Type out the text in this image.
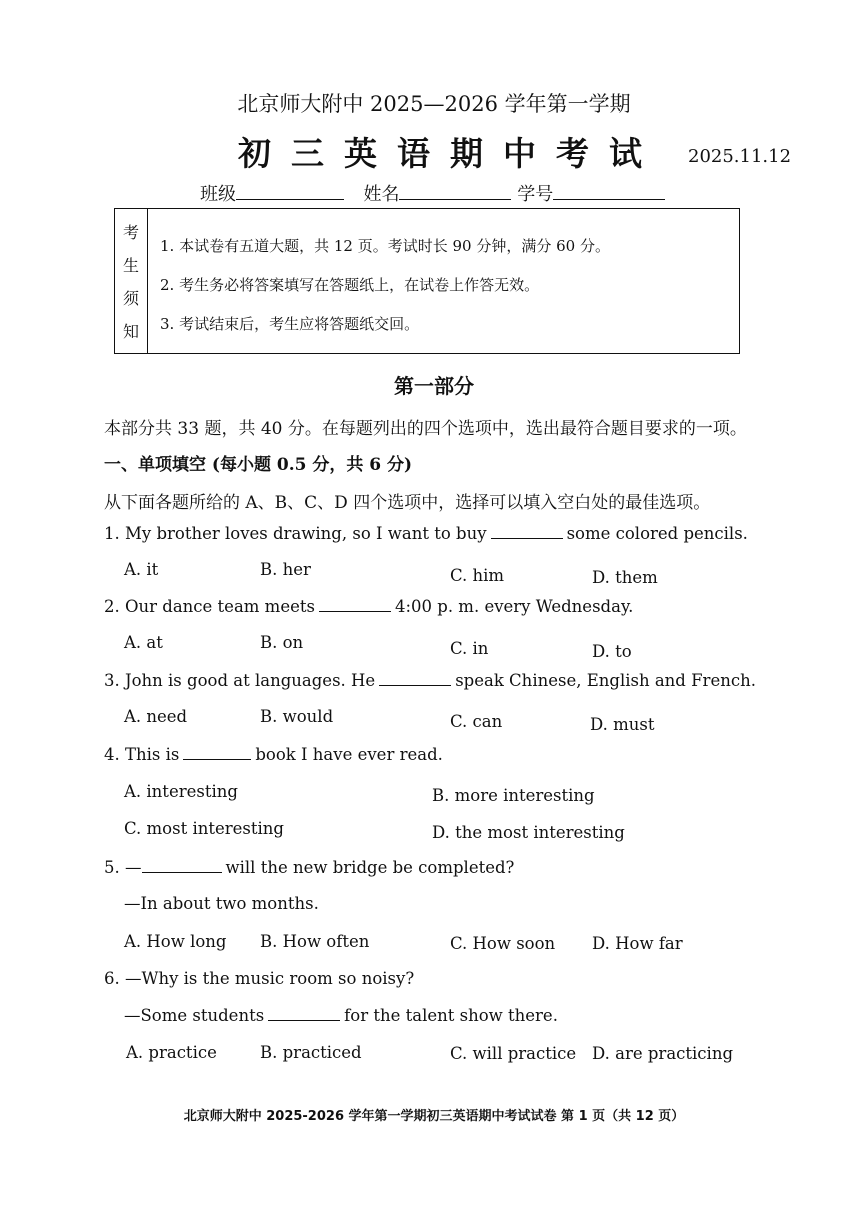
北京师大附中 2025—2026 学年第一学期
初三英语期中考试 2025.11.12
班级	姓名	学号
考
生
须
知
1. 本试卷有五道大题，共 12 页。考试时长 90 分钟，满分 60 分。
2. 考生务必将答案填写在答题纸上，在试卷上作答无效。
3. 考试结束后，考生应将答题纸交回。
第一部分
本部分共 33 题，共 40 分。在每题列出的四个选项中，选出最符合题目要求的一项。
一、单项填空 (每小题 0.5 分，共 6 分)
从下面各题所给的 A、B、C、D 四个选项中，选择可以填入空白处的最佳选项。
1. My brother loves drawing, so I want to buy	some colored pencils.
A. it	B. her	C. him	D. them
2. Our dance team meets	4:00 p. m. every Wednesday.
A. at	B. on	C. in	D. to
3. John is good at languages. He	speak Chinese, English and French.
A. need	B. would	C. can	D. must
4. This is	book I have ever read.
A. interesting	B. more interesting
C. most interesting	D. the most interesting
5. —	will the new bridge be completed?
—In about two months.
A. How long B. How often	C. How soon D. How far
6. —Why is the music room so noisy?
—Some students	for the talent show there.
A. practice	B. practiced	C. will practice D. are practicing
北京师大附中 2025-2026 学年第一学期初三英语期中考试试卷 第 1 页（共 12 页）
